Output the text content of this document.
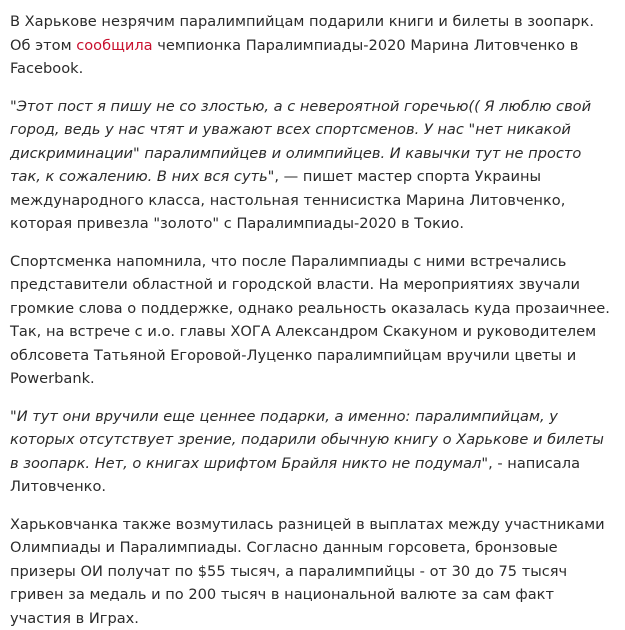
В Харькове незрячим паралимпийцам подарили книги и билеты в зоопарк. Об этом сообщила чемпионка Паралимпиады-2020 Марина Литовченко в Facebook.

"Этот пост я пишу не со злостью, а с невероятной горечью(( Я люблю свой город, ведь у нас чтят и уважают всех спортсменов. У нас "нет никакой дискриминации" паралимпийцев и олимпийцев. И кавычки тут не просто так, к сожалению. В них вся суть", — пишет мастер спорта Украины международного класса, настольная теннисистка Марина Литовченко, которая привезла "золото" с Паралимпиады-2020 в Токио.

Спортсменка напомнила, что после Паралимпиады с ними встречались представители областной и городской власти. На мероприятиях звучали громкие слова о поддержке, однако реальность оказалась куда прозаичнее. Так, на встрече с и.о. главы ХОГА Александром Скакуном и руководителем облсовета Татьяной Егоровой-Луценко паралимпийцам вручили цветы и Powerbank.

"И тут они вручили еще ценнее подарки, а именно: паралимпийцам, у которых отсутствует зрение, подарили обычную книгу о Харькове и билеты в зоопарк. Нет, о книгах шрифтом Брайля никто не подумал", - написала Литовченко.

Харьковчанка также возмутилась разницей в выплатах между участниками Олимпиады и Паралимпиады. Согласно данным горсовета, бронзовые призеры ОИ получат по $55 тысяч, а паралимпийцы - от 30 до 75 тысяч гривен за медаль и по 200 тысяч в национальной валюте за сам факт участия в Играх.
